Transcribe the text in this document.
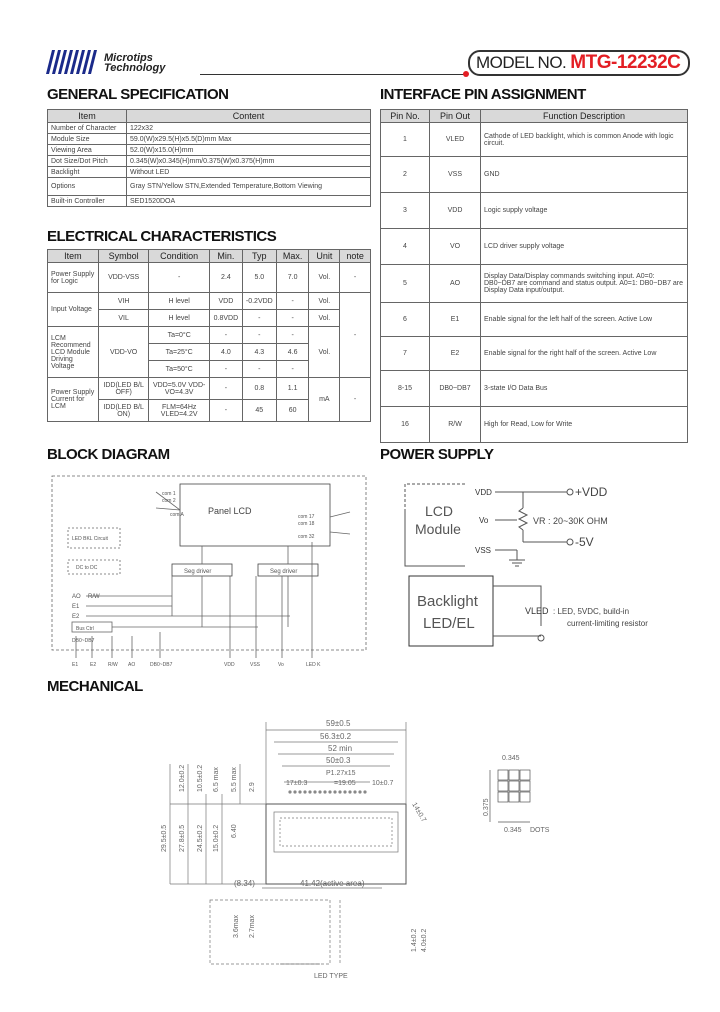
Microtips
Technology	MODEL NO. MTG-12232C
GENERAL SPECIFICATION
Item	Content
Number of Character	122x32
Module Size	59.0(W)x29.5(H)x5.5(D)mm Max
Viewing Area	52.0(W)x15.0(H)mm
Dot Size/Dot Pitch	0.345(W)x0.345(H)mm/0.375(W)x0.375(H)mm
Backlight	Without LED
Options	Gray STN/Yellow STN,Extended Temperature,Bottom Viewing
Built-in Controller	SED1520DOA
ELECTRICAL CHARACTERISTICS
Item	Symbol	Condition	Min.	Typ	Max.	Unit	note
Power Supply for Logic	VDD-VSS	-	2.4	5.0	7.0	Vol.	-
Input Voltage	VIH	H level	VDD	-0.2VDD	-	Vol.	-
	VIL	H level	0.8VDD	-	-	Vol.	
LCM Recommend LCD Module Driving Voltage	VDD-VO	Ta=0°C	-	-	-	Vol.	
		Ta=25°C	4.0	4.3	4.6		
		Ta=50°C	-	-	-		
Power Supply Current for LCM	IDD(LED B/L OFF)	VDD=5.0V VDD-VO=4.3V	-	0.8	1.1	mA	-
	IDD(LED B/L ON)	FLM=64Hz VLED=4.2V	-	45	60		
INTERFACE PIN ASSIGNMENT
Pin No.	Pin Out	Function Description
1	VLED	Cathode of LED backlight, which is common Anode with logic circuit.
2	VSS	GND
3	VDD	Logic supply voltage
4	VO	LCD driver supply voltage
5	AO	Display Data/Display commands switching input. A0=0: DB0~DB7 are command and status output. A0=1: DB0~DB7 are Display Data input/output.
6	E1	Enable signal for the left half of the screen. Active Low
7	E2	Enable signal for the right half of the screen. Active Low
8-15	DB0~DB7	3-state I/O Data Bus
16	R/W	High for Read, Low for Write
BLOCK DIAGRAM
Panel LCD
com 1
com 2
com A	com 17
com 18
com 32
Seg driver	Seg driver
LED BKL Circuit
DC to DC
Bus Ctrl
AO R/W
E1
E2
DB0~DB7
E1 E2 R/W AO	DB0~DB7	VDD	VSS	Vo	LED K
POWER SUPPLY
LCD
Module
VDD
Vo
VSS
+VDD
-5V
VR : 20~30K OHM
Backlight
LED/EL
VLED : LED, 5VDC, build-in
current-limiting resistor
MECHANICAL
59±0.5
56.3±0.2
52 min
50±0.3
P1.27x15
=19.05
17±0.3	10±0.7
14±0.7
41.42(active area)
(8.34)
29.5±0.5 27.8±0.5 24.5±0.2 15.0±0.2 6.40
12.0±0.2 10.5±0.2 6.5 max 5.5 max 2.9
3.6max 2.7max
4.0±0.2
1.4±0.2
LED TYPE
0.345
0.375
0.345 DOTS
